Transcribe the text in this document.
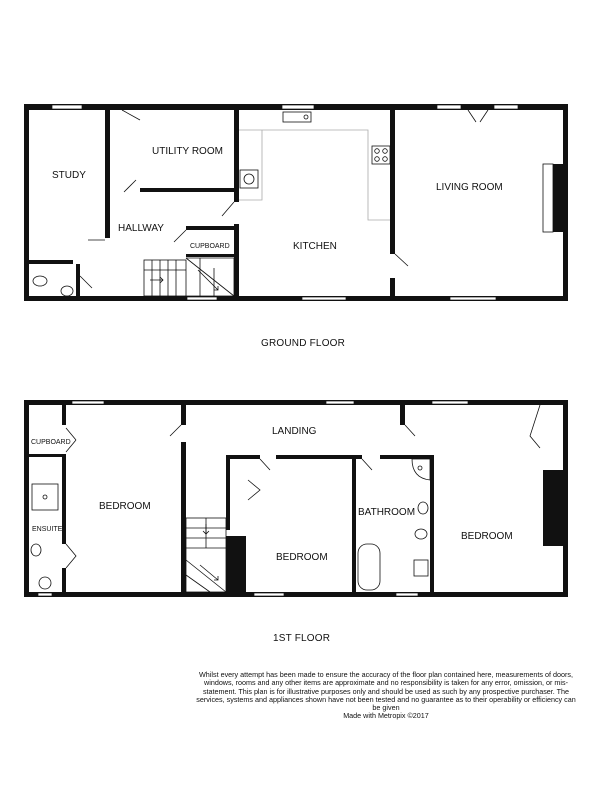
STUDY
UTILITY ROOM
HALLWAY
CUPBOARD	KITCHEN
LIVING ROOM
GROUND FLOOR
CUPBOARD
ENSUITE
BEDROOM
LANDING
BEDROOM
BATHROOM
BEDROOM
1ST FLOOR

Whilst every attempt has been made to ensure the accuracy of the floor plan contained here, measurements of doors, windows, rooms and any other items are approximate and no responsibility is taken for any error, omission, or mis-statement. This plan is for illustrative purposes only and should be used as such by any prospective purchaser. The services, systems and appliances shown have not been tested and no guarantee as to their operability or efficiency can be given
Made with Metropix ©2017
